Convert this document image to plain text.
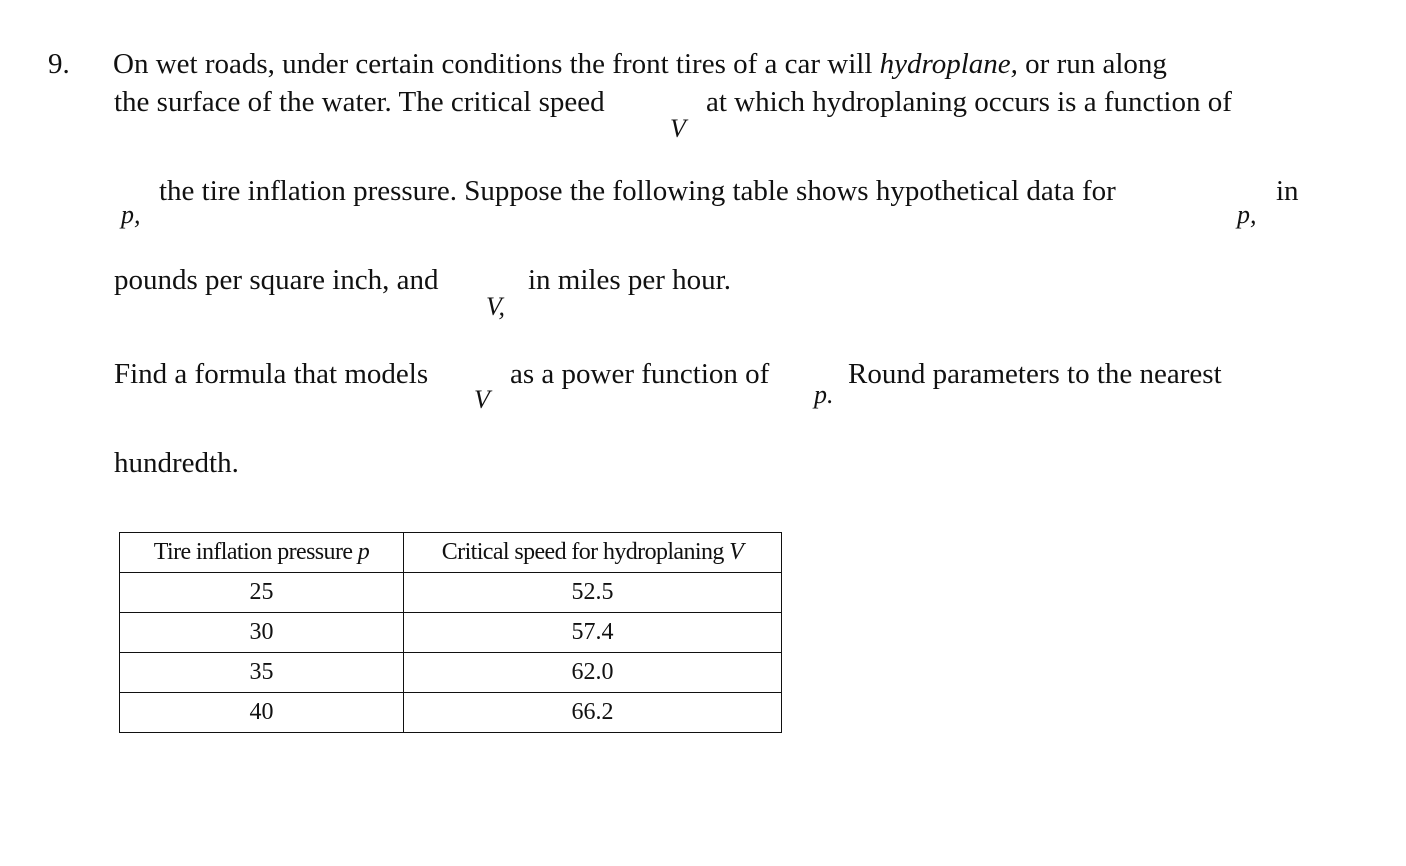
9. On wet roads, under certain conditions the front tires of a car will hydroplane, or run along
the surface of the water. The critical speed
V
at which hydroplaning occurs is a function of
p,
the tire inflation pressure. Suppose the following table shows hypothetical data for
p,
in
pounds per square inch, and
V,
in miles per hour.
Find a formula that models
V
as a power function of
p.
Round parameters to the nearest
hundredth.
Tire inflation pressure p	Critical speed for hydroplaning V
25	52.5
30	57.4
35	62.0
40	66.2
